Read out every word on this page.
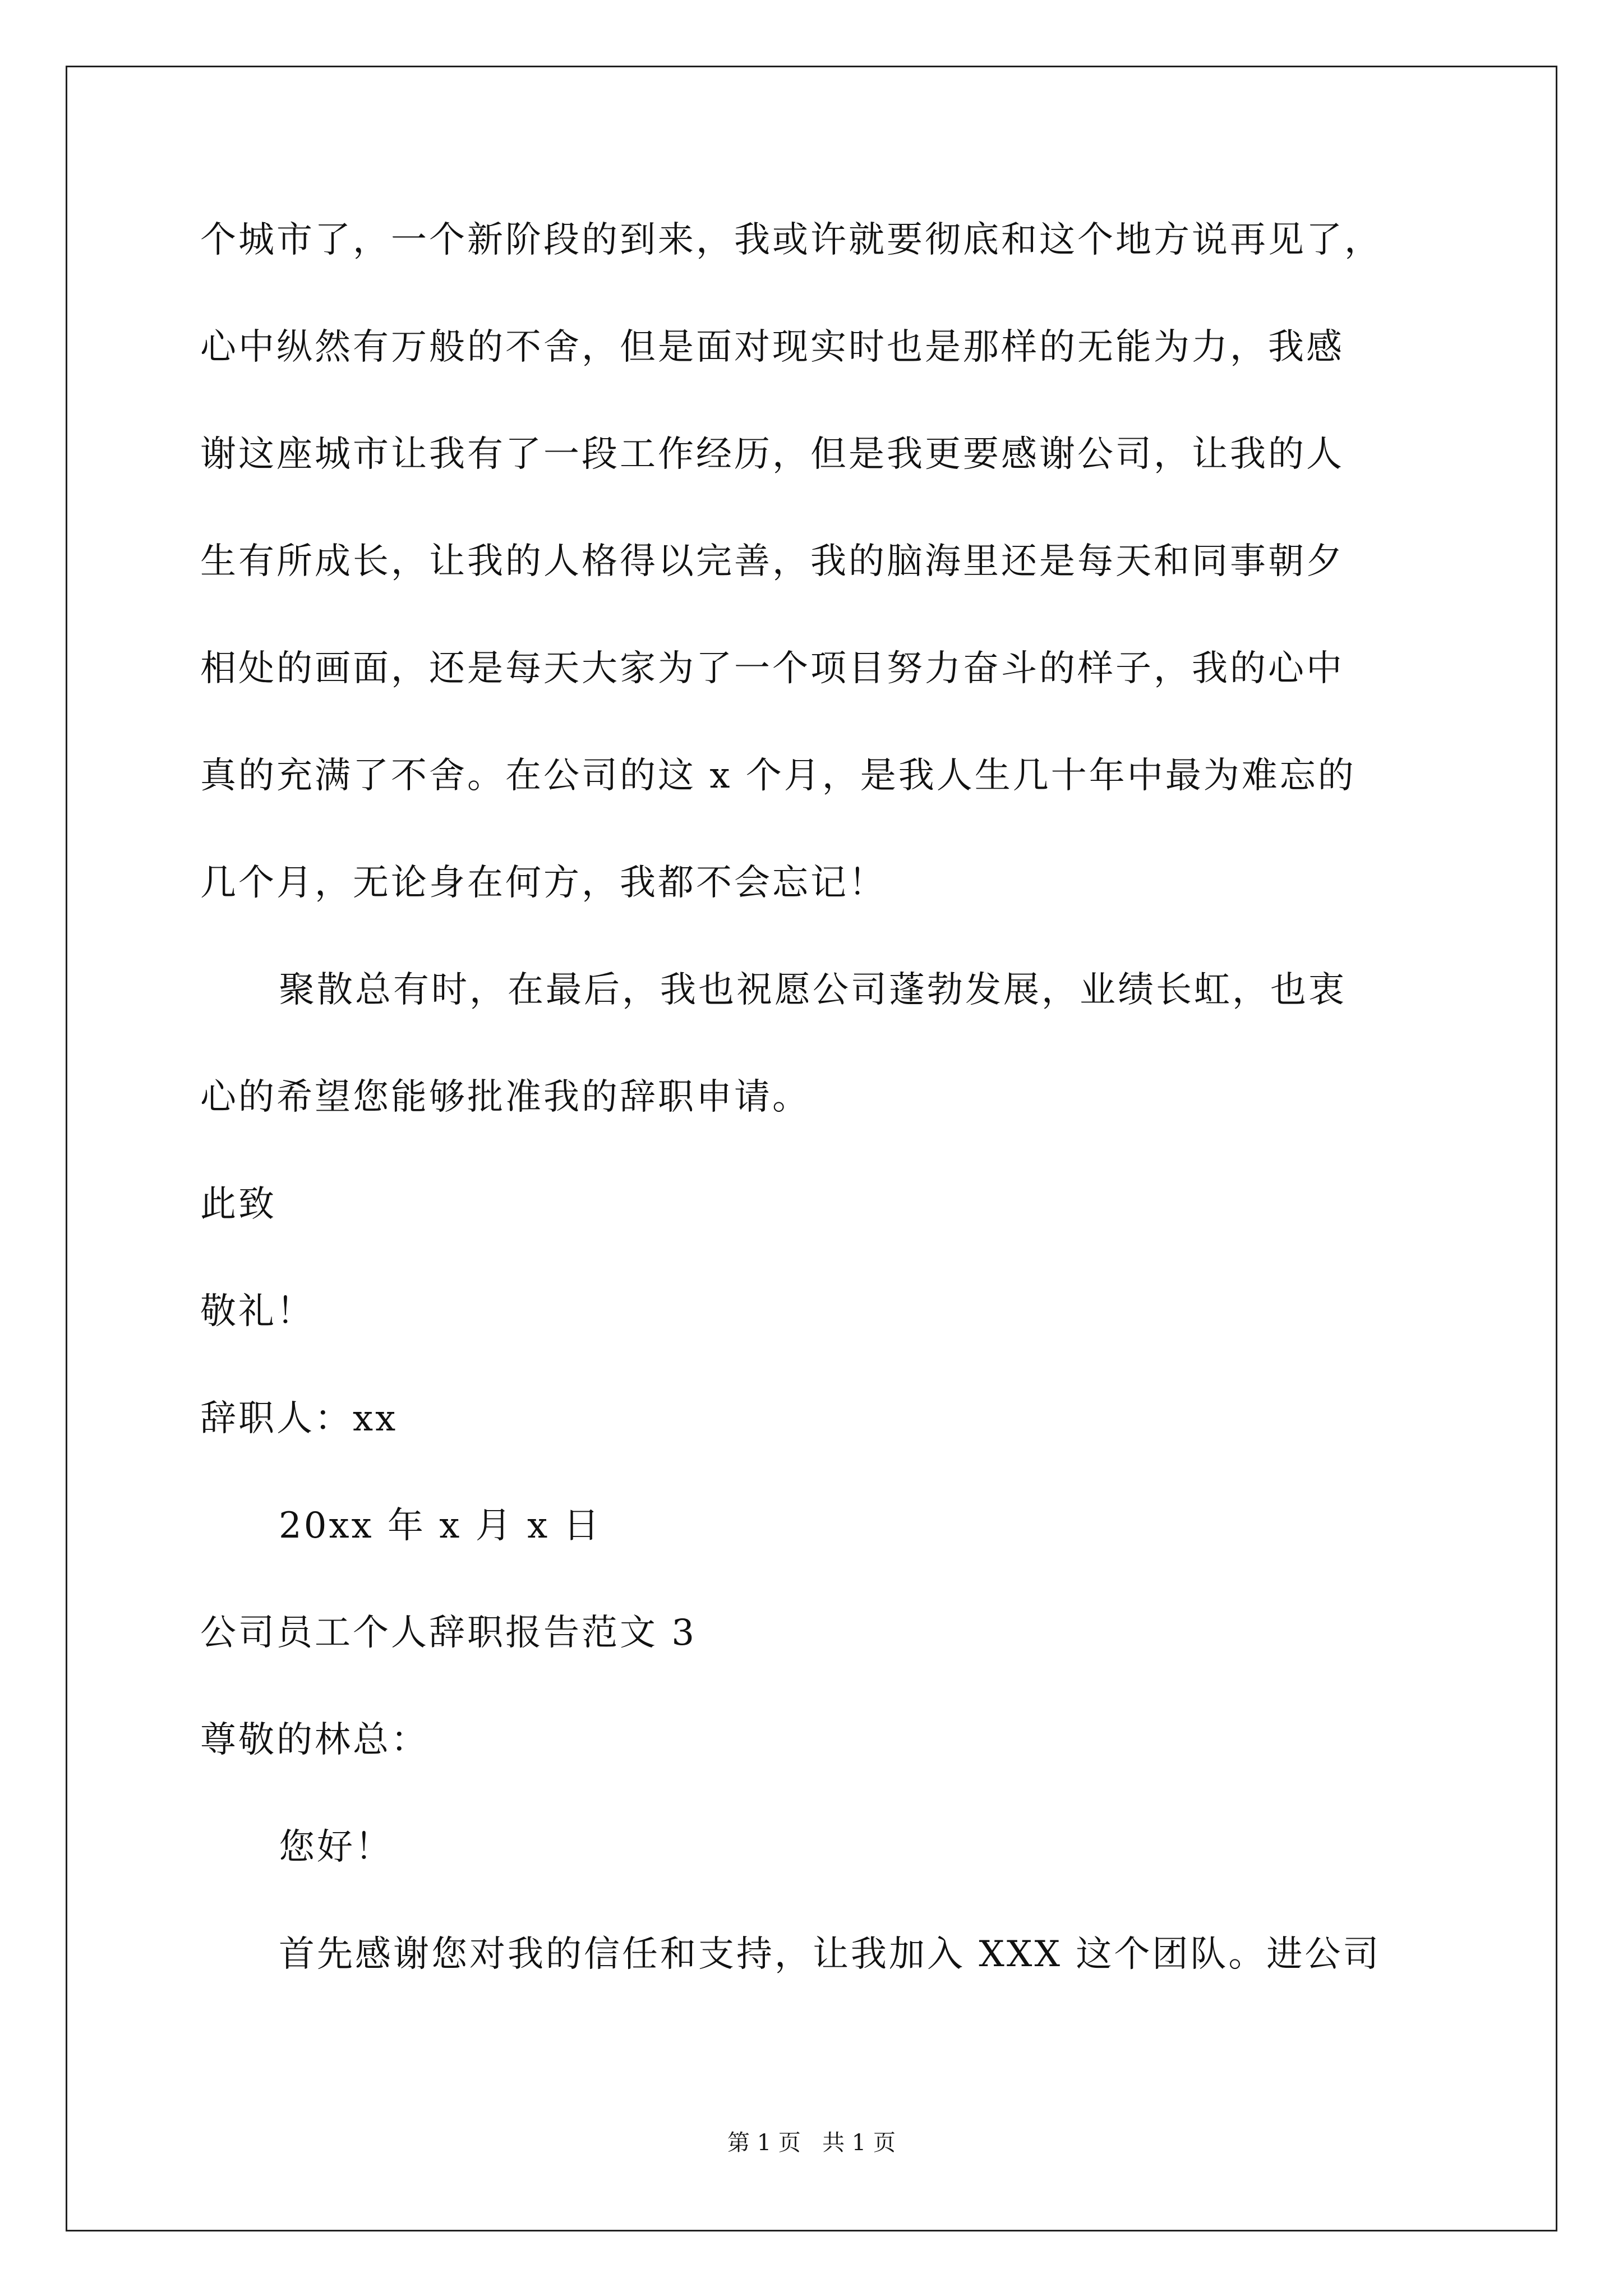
个城市了，一个新阶段的到来，我或许就要彻底和这个地方说再见了，
心中纵然有万般的不舍，但是面对现实时也是那样的无能为力，我感
谢这座城市让我有了一段工作经历，但是我更要感谢公司，让我的人
生有所成长，让我的人格得以完善，我的脑海里还是每天和同事朝夕
相处的画面，还是每天大家为了一个项目努力奋斗的样子，我的心中
真的充满了不舍。在公司的这 x 个月，是我人生几十年中最为难忘的
几个月，无论身在何方，我都不会忘记！
聚散总有时，在最后，我也祝愿公司蓬勃发展，业绩长虹，也衷
心的希望您能够批准我的辞职申请。
此致
敬礼！
辞职人：xx
20xx 年 x 月 x 日
公司员工个人辞职报告范文 3
尊敬的林总：
您好！
首先感谢您对我的信任和支持，让我加入 XXX 这个团队。进公司
第 1 页   共 1 页
